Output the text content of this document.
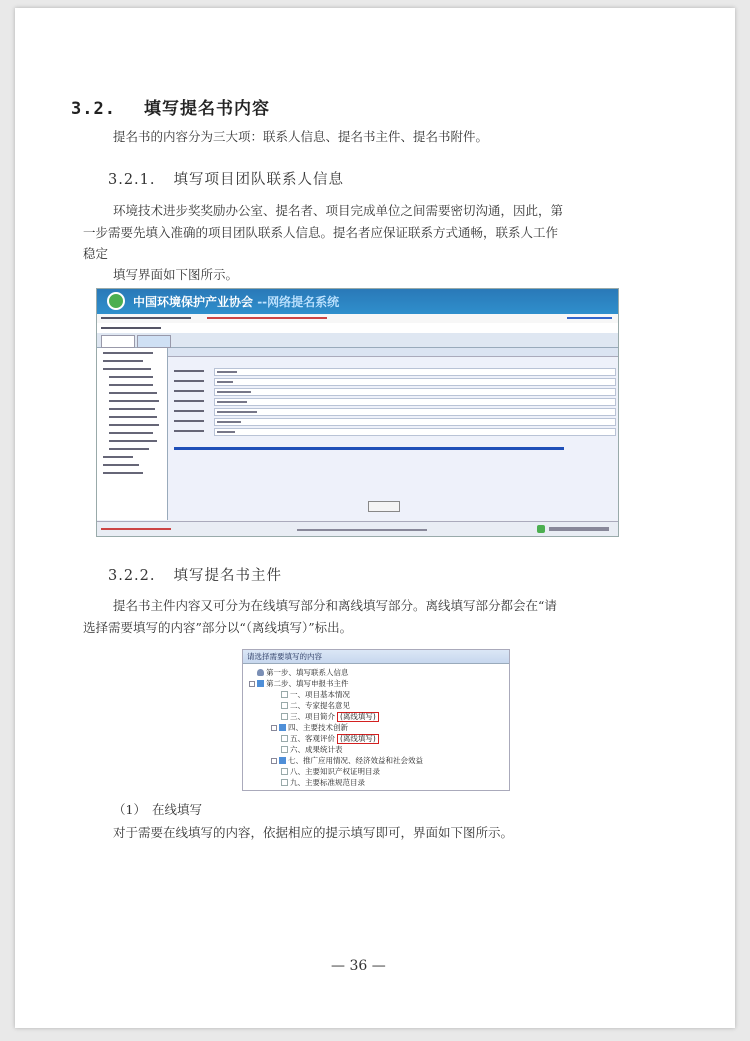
3.2. 填写提名书内容
提名书的内容分为三大项：联系人信息、提名书主件、提名书附件。
3.2.1. 填写项目团队联系人信息
环境技术进步奖奖励办公室、提名者、项目完成单位之间需要密切沟通，因此，第
一步需要先填入准确的项目团队联系人信息。提名者应保证联系方式通畅，联系人工作
稳定
填写界面如下图所示。
中国环境保护产业协会 --网络提名系统
3.2.2. 填写提名书主件
提名书主件内容又可分为在线填写部分和离线填写部分。离线填写部分都会在“请
选择需要填写的内容”部分以“（离线填写）”标出。
请选择需要填写的内容
第一步、填写联系人信息
第二步、填写申报书主件
一、项目基本情况
二、专家提名意见
三、项目简介 (离线填写)
四、主要技术创新
五、客观评价 (离线填写)
六、成果统计表
七、推广应用情况、经济效益和社会效益
八、主要知识产权证明目录
九、主要标准规范目录
（1） 在线填写
对于需要在线填写的内容，依据相应的提示填写即可，界面如下图所示。
— 36 —
